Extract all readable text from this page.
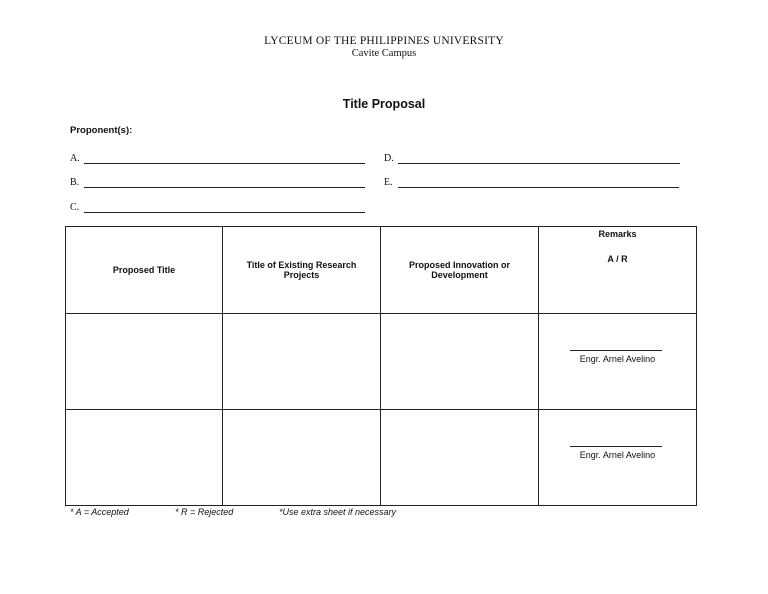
LYCEUM OF THE PHILIPPINES UNIVERSITY
Cavite Campus
Title Proposal
Proponent(s):
A.
B.
C.
D.
E.
Proposed Title	Title of Existing Research Projects	Proposed Innovation or Development	Remarks
A / R

			Engr. Arnel Avelino

			Engr. Arnel Avelino
* A = Accepted	* R = Rejected	*Use extra sheet if necessary
